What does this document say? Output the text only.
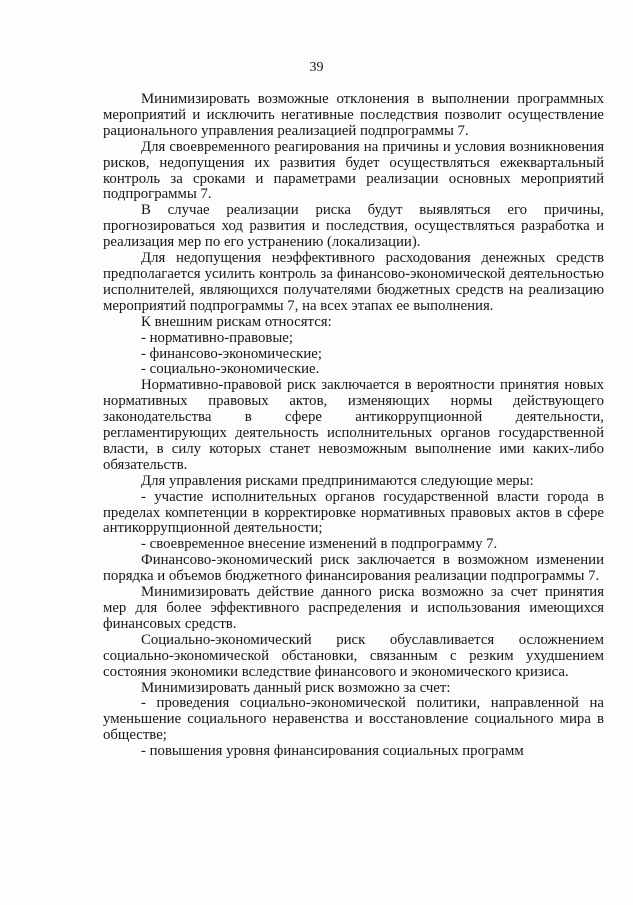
39

Минимизировать возможные отклонения в выполнении программных мероприятий и исключить негативные последствия позволит осуществление рационального управления реализацией подпрограммы 7.

Для своевременного реагирования на причины и условия возникновения рисков, недопущения их развития будет осуществляться ежеквартальный контроль за сроками и параметрами реализации основных мероприятий подпрограммы 7.

В случае реализации риска будут выявляться его причины, прогнозироваться ход развития и последствия, осуществляться разработка и реализация мер по его устранению (локализации).

Для недопущения неэффективного расходования денежных средств предполагается усилить контроль за финансово-экономической деятельностью исполнителей, являющихся получателями бюджетных средств на реализацию мероприятий подпрограммы 7, на всех этапах ее выполнения.

К внешним рискам относятся:

- нормативно-правовые;

- финансово-экономические;

- социально-экономические.

Нормативно-правовой риск заключается в вероятности принятия новых нормативных правовых актов, изменяющих нормы действующего законодательства в сфере антикоррупционной деятельности, регламентирующих деятельность исполнительных органов государственной власти, в силу которых станет невозможным выполнение ими каких-либо обязательств.

Для управления рисками предпринимаются следующие меры:

- участие исполнительных органов государственной власти города в пределах компетенции в корректировке нормативных правовых актов в сфере антикоррупционной деятельности;

- своевременное внесение изменений в подпрограмму 7.

Финансово-экономический риск заключается в возможном изменении порядка и объемов бюджетного финансирования реализации подпрограммы 7.

Минимизировать действие данного риска возможно за счет принятия мер для более эффективного распределения и использования имеющихся финансовых средств.

Социально-экономический риск обуславливается осложнением социально-экономической обстановки, связанным с резким ухудшением состояния экономики вследствие финансового и экономического кризиса.

Минимизировать данный риск возможно за счет:

- проведения социально-экономической политики, направленной на уменьшение социального неравенства и восстановление социального мира в обществе;

- повышения уровня финансирования социальных программ
